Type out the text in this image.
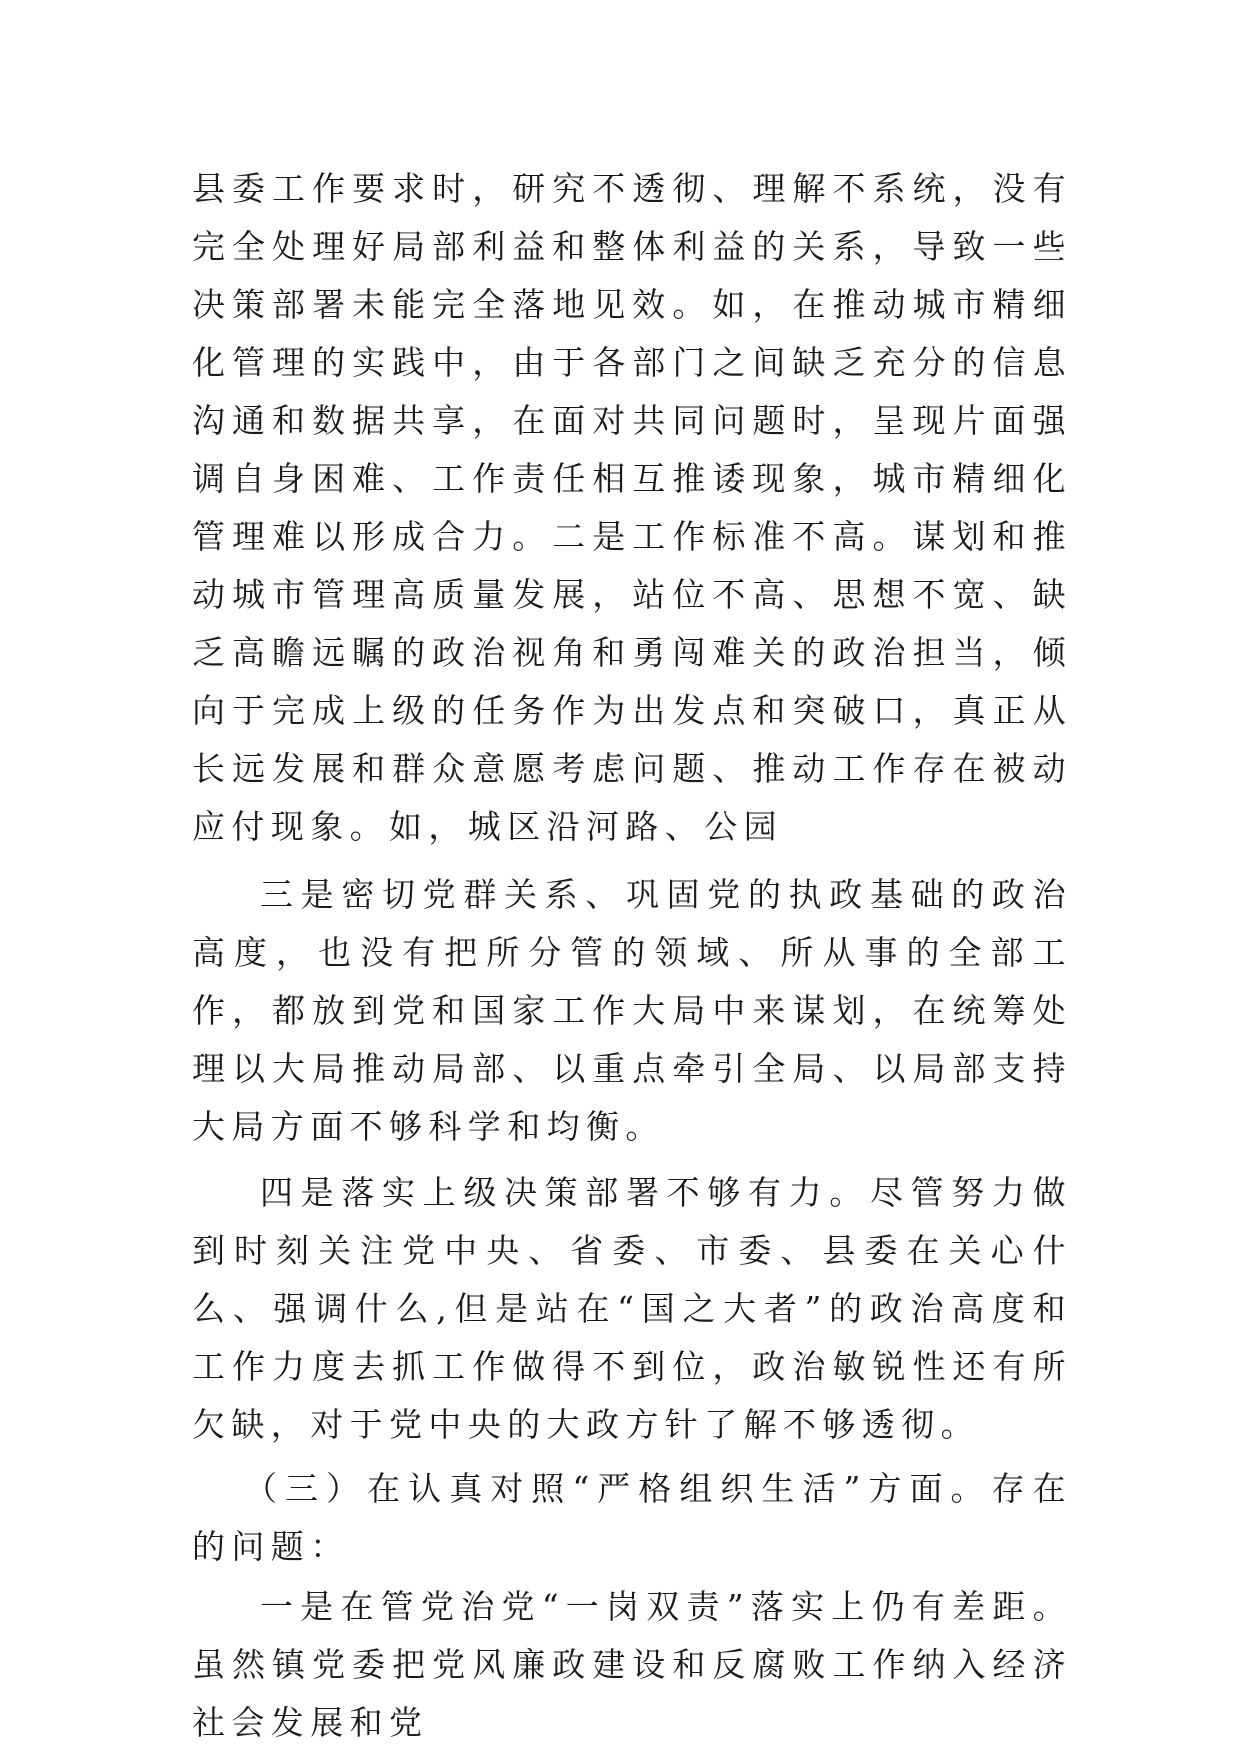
县委工作要求时，研究不透彻、理解不系统，没有完全处理好局部利益和整体利益的关系，导致一些决策部署未能完全落地见效。如，在推动城市精细化管理的实践中，由于各部门之间缺乏充分的信息沟通和数据共享，在面对共同问题时，呈现片面强调自身困难、工作责任相互推诿现象，城市精细化管理难以形成合力。二是工作标准不高。谋划和推动城市管理高质量发展，站位不高、思想不宽、缺乏高瞻远瞩的政治视角和勇闯难关的政治担当，倾向于完成上级的任务作为出发点和突破口，真正从长远发展和群众意愿考虑问题、推动工作存在被动应付现象。如，城区沿河路、公园

三是密切党群关系、巩固党的执政基础的政治高度，也没有把所分管的领域、所从事的全部工作，都放到党和国家工作大局中来谋划，在统筹处理以大局推动局部、以重点牵引全局、以局部支持大局方面不够科学和均衡。

四是落实上级决策部署不够有力。尽管努力做到时刻关注党中央、省委、市委、县委在关心什么、强调什么,但是站在“国之大者”的政治高度和工作力度去抓工作做得不到位，政治敏锐性还有所欠缺，对于党中央的大政方针了解不够透彻。

（三）在认真对照“严格组织生活”方面。存在的问题：

一是在管党治党“一岗双责”落实上仍有差距。虽然镇党委把党风廉政建设和反腐败工作纳入经济社会发展和党
